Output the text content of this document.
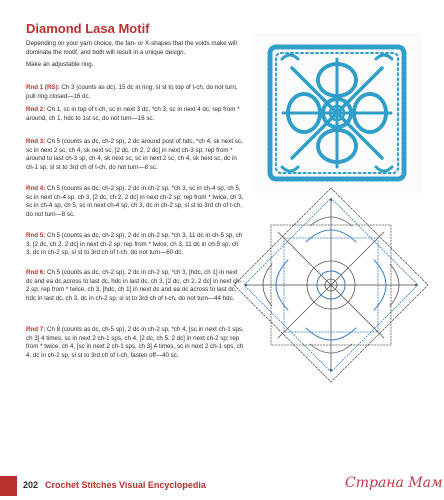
Diamond Lasa Motif
Depending on your yarn choice, the fan- or X-shapes that the voids make will dominate the motif, and both will result in a unique design.
Make an adjustable ring.
Rnd 1 (RS): Ch 3 (counts as dc), 15 dc in ring, sl st to top of t-ch, do not turn, pull ring closed—16 dc.
Rnd 2: Ch 1, sc in top of t-ch, sc in next 3 dc, *ch 3, sc in next 4 dc; rep from * around, ch 1, hdc to 1st sc, do not turn—16 sc.
Rnd 3: Ch 5 (counts as dc, ch-2 sp), 2 dc around post of hdc, *ch 4, sk next sc, sc in next 2 sc, ch 4, sk next sc, [2 dc, ch 2, 2 dc] in next ch-3 sp; rep from * around to last ch-3 sp, ch 4, sk next sc, sc in next 2 sc, ch 4, sk next sc, dc in ch-1 sp, sl st to 3rd ch of t-ch, do not turn—8 sc.
Rnd 4: Ch 5 (counts as dc, ch-2 sp), 2 dc in ch-2 sp, *ch 3, sc in ch-4 sp, ch 5, sc in next ch-4 sp, ch 3, [2 dc, ch 2, 2 dc] in next ch-2 sp; rep from * twice, ch 3, sc in ch-4 sp, ch 5, sc in next ch-4 sp, ch 3, dc in ch-2 sp, sl st to 3rd ch of t-ch, do not turn—8 sc.
Rnd 5: Ch 5 (counts as dc, ch-2 sp), 2 dc in ch-2 sp, *ch 3, 11 dc in ch-5 sp, ch 3, [2 dc, ch 2, 2 dc] in next ch-2 sp; rep from * twice, ch 3, 11 dc in ch-5 sp, ch 3, dc in ch-2 sp, sl st to 3rd ch of t-ch, do not turn—60 dc.
Rnd 6: Ch 5 (counts as dc, ch-2 sp), 2 dc in ch-2 sp, *ch 3, [hdc, ch 1] in next dc and ea dc across to last dc, hdc in last dc, ch 3, [2 dc, ch 2, 2 dc] in next ch-2 sp; rep from * twice, ch 3, [hdc, ch 1] in next dc and ea dc across to last dc, hdc in last dc, ch 3, dc in ch-2 sp, sl st to 3rd ch of t-ch, do not turn—44 hdc.
Rnd 7: Ch 8 (counts as dc, ch-5 sp), 2 dc in ch-2 sp, *ch 4, [sc in next ch-1 sps, ch 3] 4 times, sc in next 2 ch-1 sps, ch 4, [2 dc, ch 5, 2 dc] in next ch-2 sp; rep from * twice, ch 4, [sc in next 2 ch-1 sps, ch 3] 4 times, sc in next 2 ch-1 sps, ch 4, dc in ch-2 sp, sl st to 3rd ch of t-ch, fasten off—40 sc.
202 Crochet Stitches Visual Encyclopedia	Страна Мам
